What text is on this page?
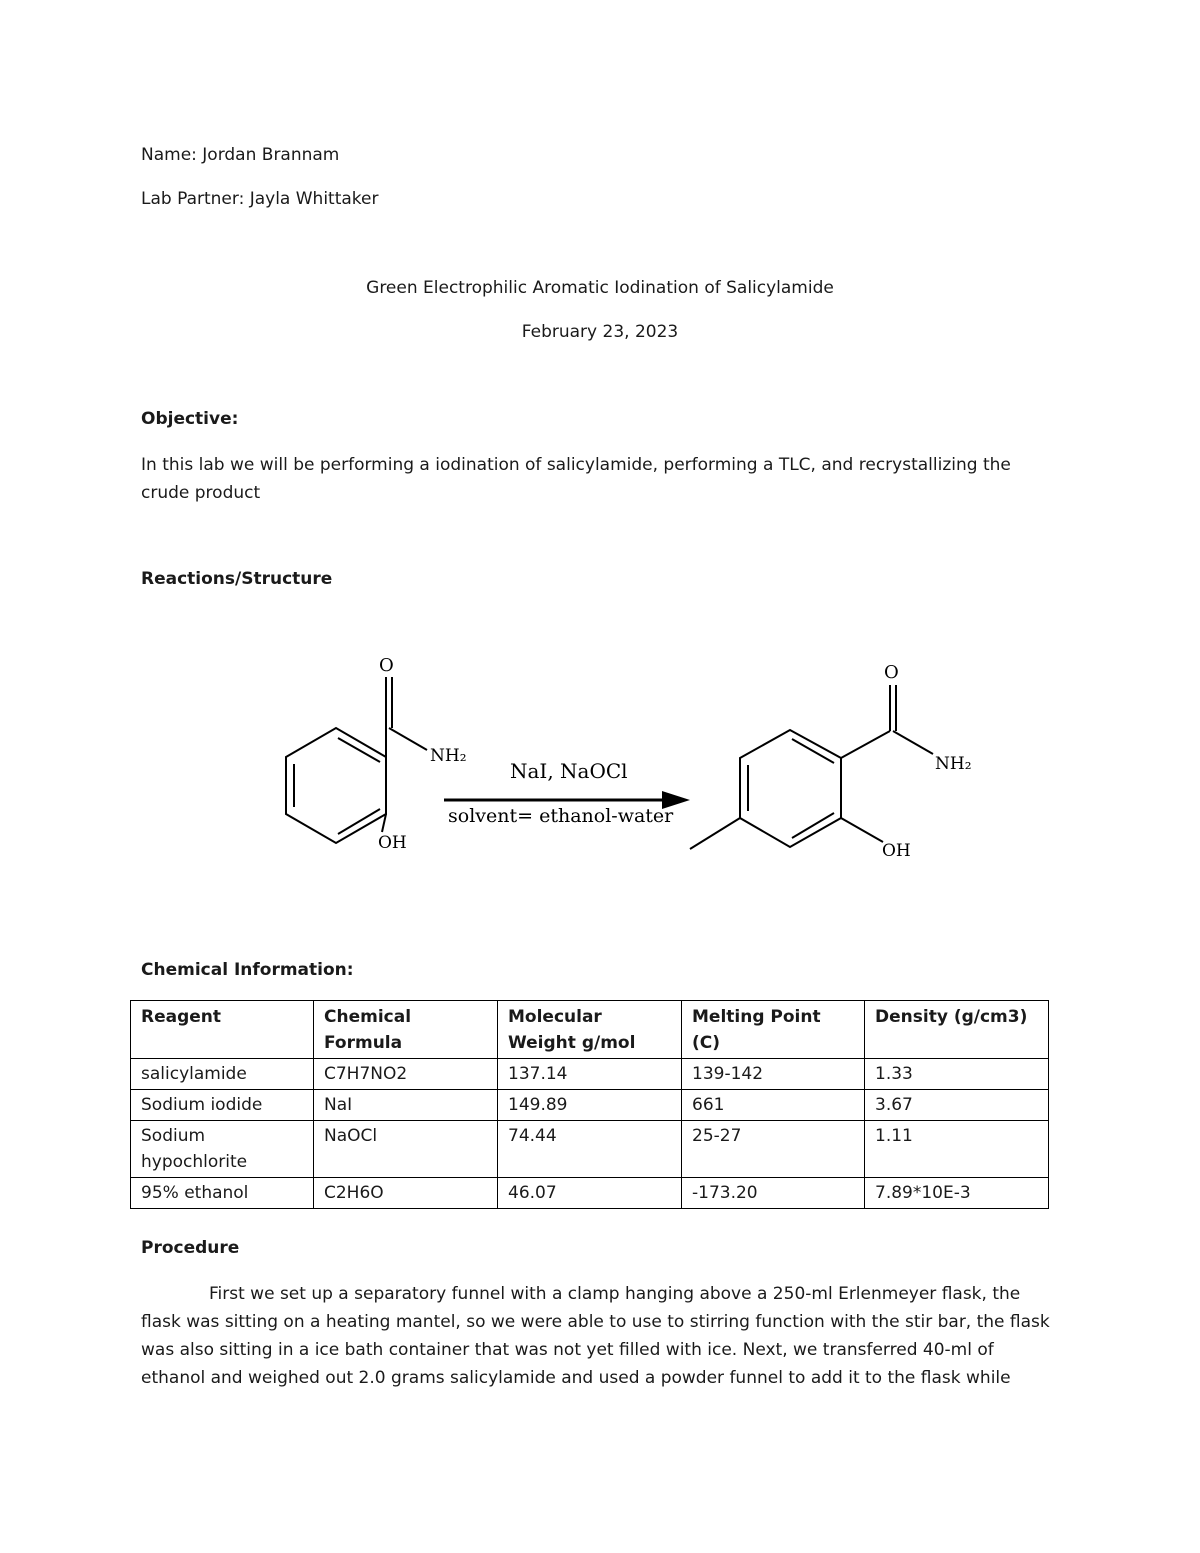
Name: Jordan Brannam
Lab Partner: Jayla Whittaker
Green Electrophilic Aromatic Iodination of Salicylamide
February 23, 2023
Objective:
In this lab we will be performing a iodination of salicylamide, performing a TLC, and recrystallizing the crude product
Reactions/Structure
O
NH₂
OH
NaI, NaOCl
solvent= ethanol-water
O
NH₂
OH
Chemical Information:
Reagent	Chemical Formula	Molecular Weight g/mol	Melting Point (C)	Density (g/cm3)
salicylamide	C7H7NO2	137.14	139-142	1.33
Sodium iodide	NaI	149.89	661	3.67
Sodium hypochlorite	NaOCl	74.44	25-27	1.11
95% ethanol	C2H6O	46.07	-173.20	7.89*10E-3
Procedure
First we set up a separatory funnel with a clamp hanging above a 250-ml Erlenmeyer flask, the flask was sitting on a heating mantel, so we were able to use to stirring function with the stir bar, the flask was also sitting in a ice bath container that was not yet filled with ice. Next, we transferred 40-ml of ethanol and weighed out 2.0 grams salicylamide and used a powder funnel to add it to the flask while
